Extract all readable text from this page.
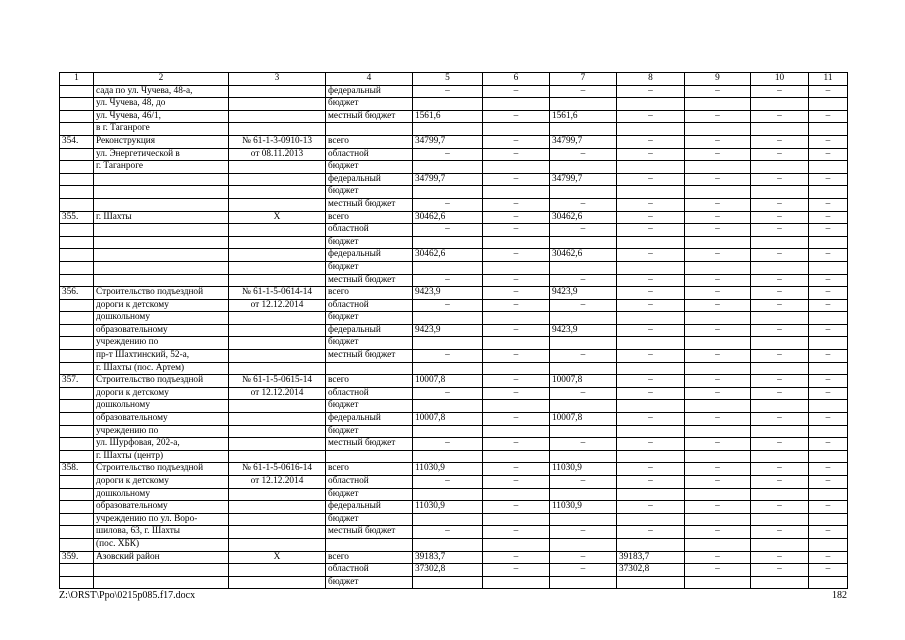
1	2	3	4	5	6	7	8	9	10	11
	сада по ул. Чучева, 48-а,		федеральный	–	–	–	–	–	–	–
	ул. Чучева, 48, до		бюджет							
	ул. Чучева, 46/1,		местный бюджет	1561,6	–	1561,6	–	–	–	–
	в г. Таганроге									
354.	Реконструкция	№ 61-1-3-0910-13	всего	34799,7	–	34799,7	–	–	–	–
	ул. Энергетической в	от 08.11.2013	областной	–	–	–	–	–	–	–
	г. Таганроге		бюджет							
			федеральный	34799,7	–	34799,7	–	–	–	–
			бюджет							
			местный бюджет	–	–	–	–	–	–	–
355.	г. Шахты	Х	всего	30462,6	–	30462,6	–	–	–	–
			областной	–	–	–	–	–	–	–
			бюджет							
			федеральный	30462,6	–	30462,6	–	–	–	–
			бюджет							
			местный бюджет	–	–	–	–	–	–	–
356.	Строительство подъездной	№ 61-1-5-0614-14	всего	9423,9	–	9423,9	–	–	–	–
	дороги к детскому	от 12.12.2014	областной	–	–	–	–	–	–	–
	дошкольному		бюджет							
	образовательному		федеральный	9423,9	–	9423,9	–	–	–	–
	учреждению по		бюджет							
	пр-т Шахтинский, 52-а,		местный бюджет	–	–	–	–	–	–	–
	г. Шахты (пос. Артем)									
357.	Строительство подъездной	№ 61-1-5-0615-14	всего	10007,8	–	10007,8	–	–	–	–
	дороги к детскому	от 12.12.2014	областной	–	–	–	–	–	–	–
	дошкольному		бюджет							
	образовательному		федеральный	10007,8	–	10007,8	–	–	–	–
	учреждению по		бюджет							
	ул. Шурфовая, 202-а,		местный бюджет	–	–	–	–	–	–	–
	г. Шахты (центр)									
358.	Строительство подъездной	№ 61-1-5-0616-14	всего	11030,9	–	11030,9	–	–	–	–
	дороги к детскому	от 12.12.2014	областной	–	–	–	–	–	–	–
	дошкольному		бюджет							
	образовательному		федеральный	11030,9	–	11030,9	–	–	–	–
	учреждению по ул. Воро-		бюджет							
	шилова, 63, г. Шахты		местный бюджет	–	–	–	–	–	–	–
	(пос. ХБК)									
359.	Азовский район	Х	всего	39183,7	–	–	39183,7	–	–	–
			областной	37302,8	–	–	37302,8	–	–	–
			бюджет							
Z:\ORST\Ppo\0215p085.f17.docx	182
